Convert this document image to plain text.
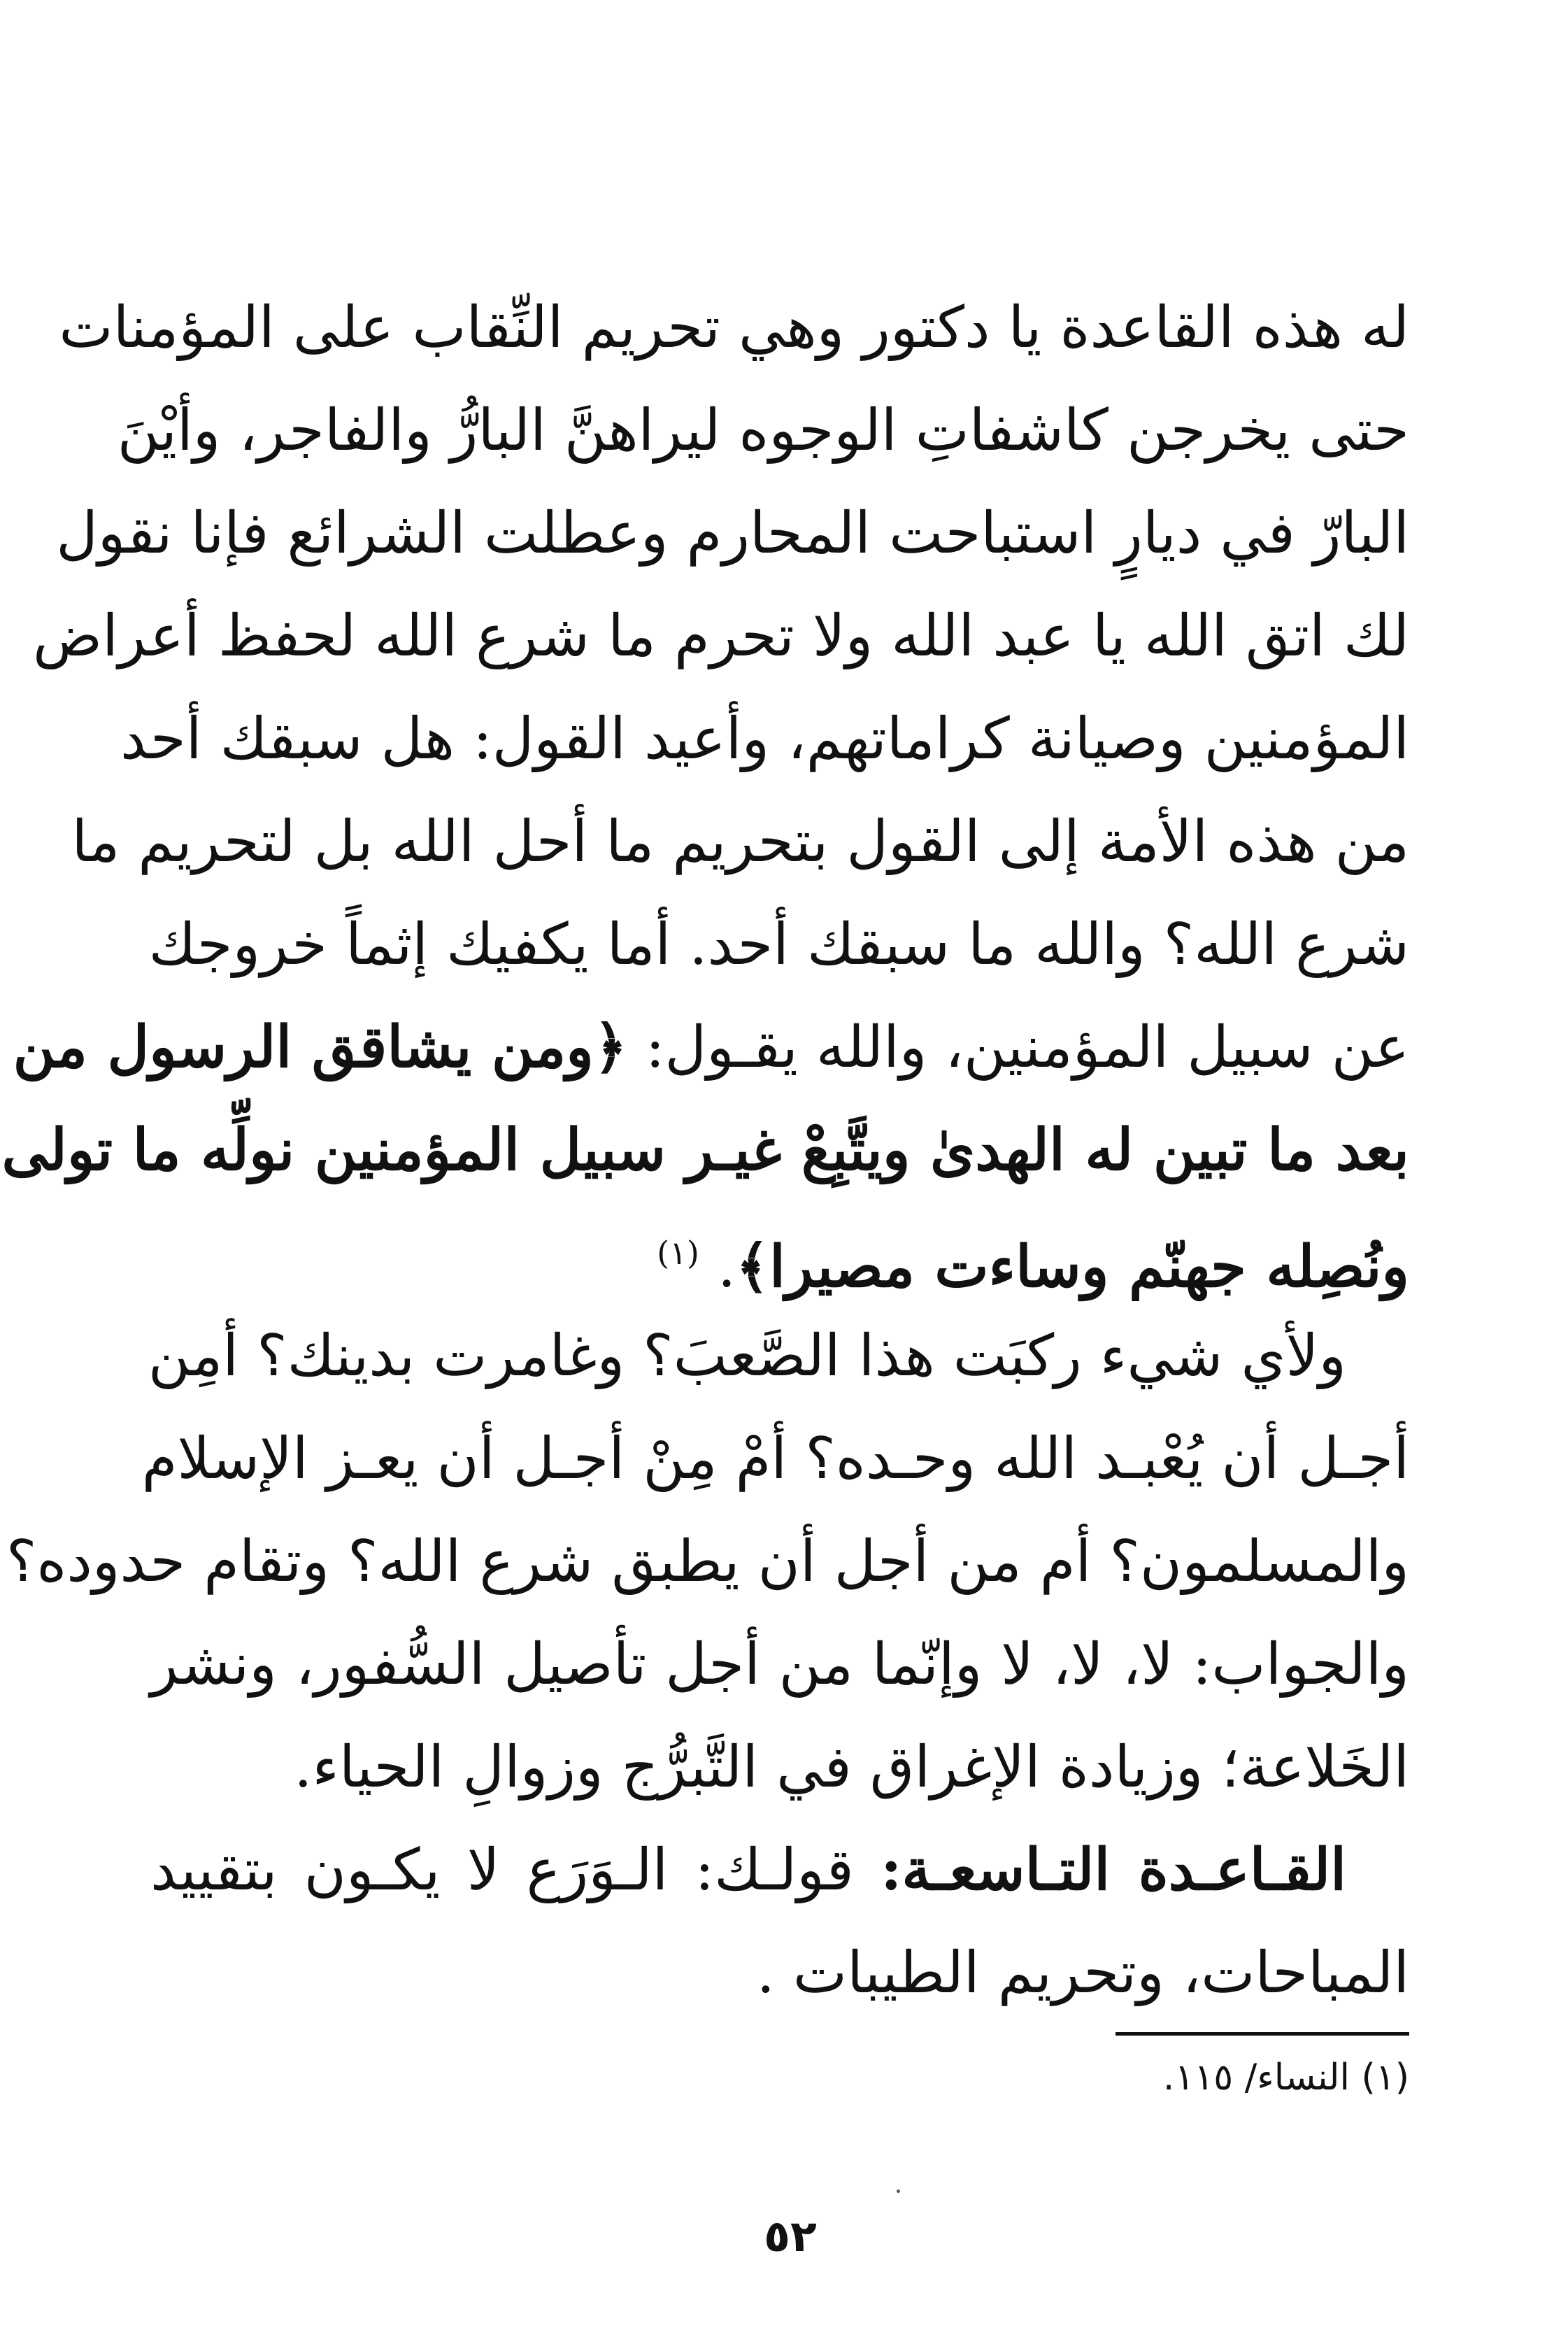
له هذه القاعدة يا دكتور وهي تحريم النِّقاب على المؤمنات
حتى يخرجن كاشفاتِ الوجوه ليراهنَّ البارُّ والفاجر، وأيْنَ
البارّ في ديارٍ استباحت المحارم وعطلت الشرائع فإنا نقول
لك اتق الله يا عبد الله ولا تحرم ما شرع الله لحفظ أعراض
المؤمنين وصيانة كراماتهم، وأعيد القول: هل سبقك أحد
من هذه الأمة إلى القول بتحريم ما أحل الله بل لتحريم ما
شرع الله؟ والله ما سبقك أحد. أما يكفيك إثماً خروجك
عن سبيل المؤمنين، والله يقـول: ﴿ومن يشاقق الرسول من
بعد ما تبين له الهدىٰ ويتَّبِعْ غيـر سبيل المؤمنين نولِّه ما تولى
ونُصِله جهنّم وساءت مصيرا﴾. $^{(١)}$
ولأي شيء ركبَت هذا الصَّعبَ؟ وغامرت بدينك؟ أمِن
أجـل أن يُعْبـد الله وحـده؟ أمْ مِنْ أجـل أن يعـز الإسلام
والمسلمون؟ أم من أجل أن يطبق شرع الله؟ وتقام حدوده؟
والجواب: لا، لا، لا وإنّما من أجل تأصيل السُّفور، ونشر
الخَلاعة؛ وزيادة الإغراق في التَّبرُّج وزوالِ الحياء.
القـاعـدة التـاسعـة: قولـك: الـوَرَع لا يكـون بتقييد
المباحات، وتحريم الطيبات .
(١) النساء/ ١١٥.
٥٢
